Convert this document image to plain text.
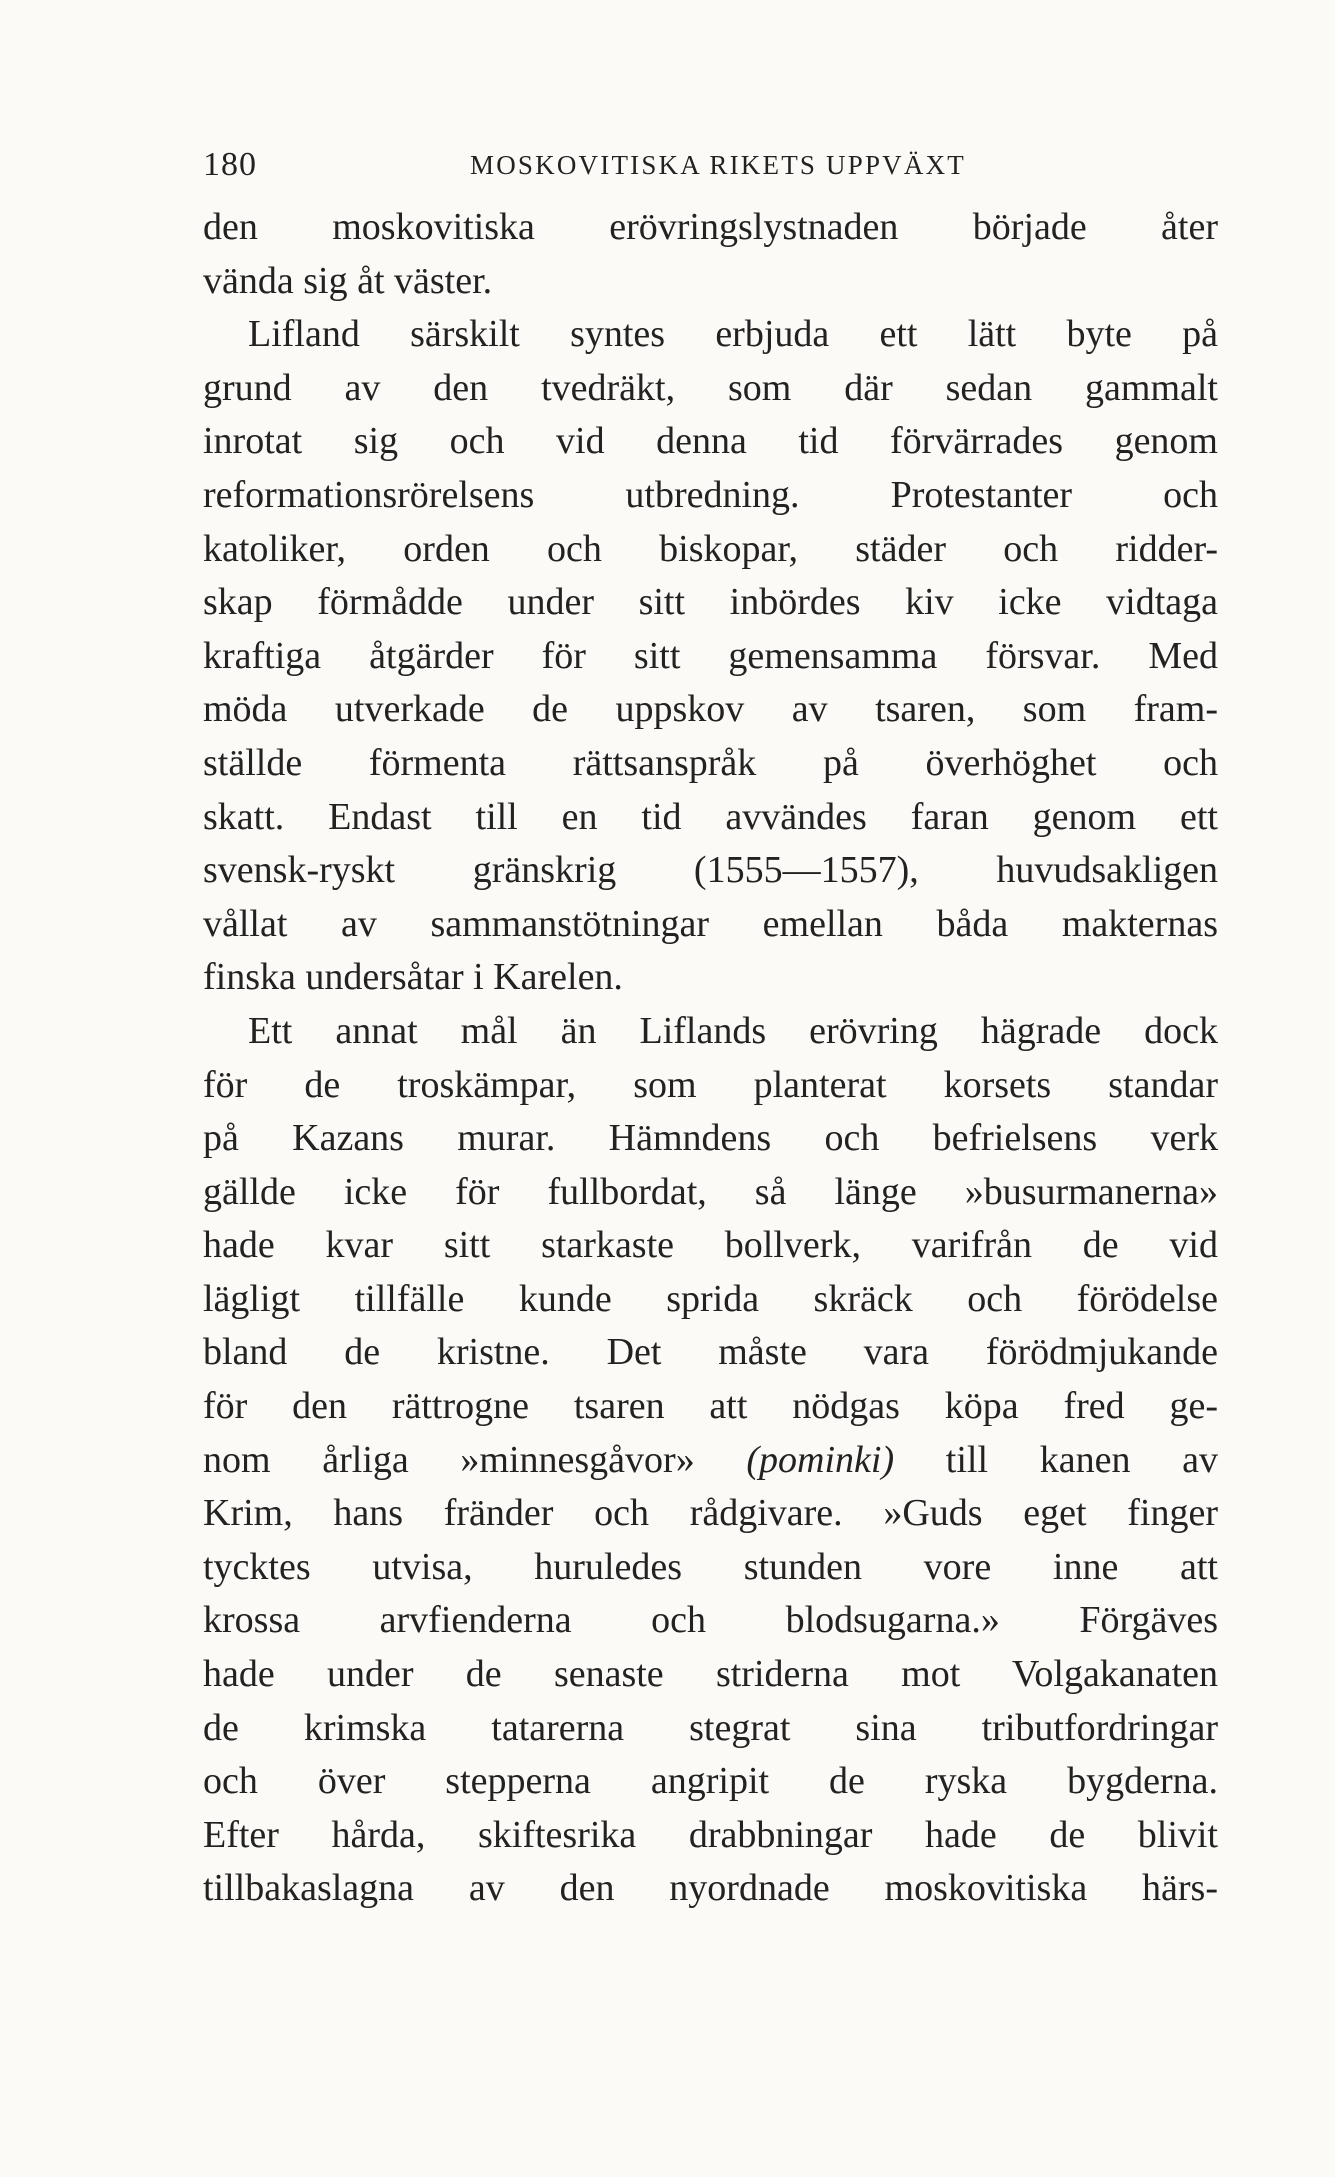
180	MOSKOVITISKA RIKETS UPPVÄXT
den moskovitiska erövringslystnaden började åter
vända sig åt väster.
Lifland särskilt syntes erbjuda ett lätt byte på
grund av den tvedräkt, som där sedan gammalt
inrotat sig och vid denna tid förvärrades genom
reformationsrörelsens utbredning. Protestanter och
katoliker, orden och biskopar, städer och ridder-
skap förmådde under sitt inbördes kiv icke vidtaga
kraftiga åtgärder för sitt gemensamma försvar. Med
möda utverkade de uppskov av tsaren, som fram-
ställde förmenta rättsanspråk på överhöghet och
skatt. Endast till en tid avvändes faran genom ett
svensk-ryskt gränskrig (1555—1557), huvudsakligen
vållat av sammanstötningar emellan båda makternas
finska undersåtar i Karelen.
Ett annat mål än Liflands erövring hägrade dock
för de troskämpar, som planterat korsets standar
på Kazans murar. Hämndens och befrielsens verk
gällde icke för fullbordat, så länge »busurmanerna»
hade kvar sitt starkaste bollverk, varifrån de vid
lägligt tillfälle kunde sprida skräck och förödelse
bland de kristne. Det måste vara förödmjukande
för den rättrogne tsaren att nödgas köpa fred ge-
nom årliga »minnesgåvor» (pominki) till kanen av
Krim, hans fränder och rådgivare. »Guds eget finger
tycktes utvisa, huruledes stunden vore inne att
krossa arvfienderna och blodsugarna.» Förgäves
hade under de senaste striderna mot Volgakanaten
de krimska tatarerna stegrat sina tributfordringar
och över stepperna angripit de ryska bygderna.
Efter hårda, skiftesrika drabbningar hade de blivit
tillbakaslagna av den nyordnade moskovitiska härs-
